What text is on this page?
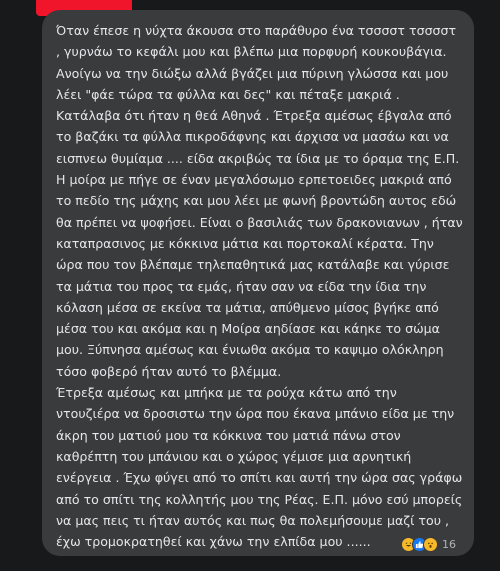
Όταν έπεσε η νύχτα άκουσα στο παράθυρο ένα τσσσστ τσσσστ , γυρνάω το κεφάλι μου και βλέπω μια πορφυρή κουκουβάγια. Ανοίγω να την διώξω αλλά βγάζει μια πύρινη γλώσσα και μου λέει "φάε τώρα τα φύλλα και δες" και πέταξε μακριά . Κατάλαβα ότι ήταν η θεά Αθηνά . Έτρεξα αμέσως έβγαλα από το βαζάκι τα φύλλα πικροδάφνης και άρχισα να μασάω και να εισπνεω θυμίαμα .... είδα ακριβώς τα ίδια με το όραμα της Ε.Π.

Η μοίρα με πήγε σε έναν μεγαλόσωμο ερπετοειδες μακριά από το πεδίο της μάχης και μου λέει με φωνή βροντώδη αυτος εδώ θα πρέπει να ψοφήσει. Είναι ο βασιλιάς των δρακονιανων , ήταν καταπρασινος με κόκκινα μάτια και πορτοκαλί κέρατα. Την ώρα που τον βλέπαμε τηλεπαθητικά μας κατάλαβε και γύρισε τα μάτια του προς τα εμάς, ήταν σαν να είδα την ίδια την κόλαση μέσα σε εκείνα τα μάτια, απύθμενο μίσος βγήκε από μέσα του και ακόμα και η Μοίρα αηδίασε και κάηκε το σώμα μου. Ξύπνησα αμέσως και ένιωθα ακόμα το καψιμο ολόκληρη τόσο φοβερό ήταν αυτό το βλέμμα.

Έτρεξα αμέσως και μπήκα με τα ρούχα κάτω από την ντουζιέρα να δροσιστω την ώρα που έκανα μπάνιο είδα με την άκρη του ματιού μου τα κόκκινα του ματιά πάνω στον καθρέπτη του μπάνιου και ο χώρος γέμισε μια αρνητική ενέργεια . Έχω φύγει από το σπίτι και αυτή την ώρα σας γράφω από το σπίτι της κολλητής μου της Ρέας. Ε.Π. μόνο εσύ μπορείς να μας πεις τι ήταν αυτός και πως θα πολεμήσουμε μαζί του , έχω τρομοκρατηθεί και χάνω την ελπίδα μου ......	16
